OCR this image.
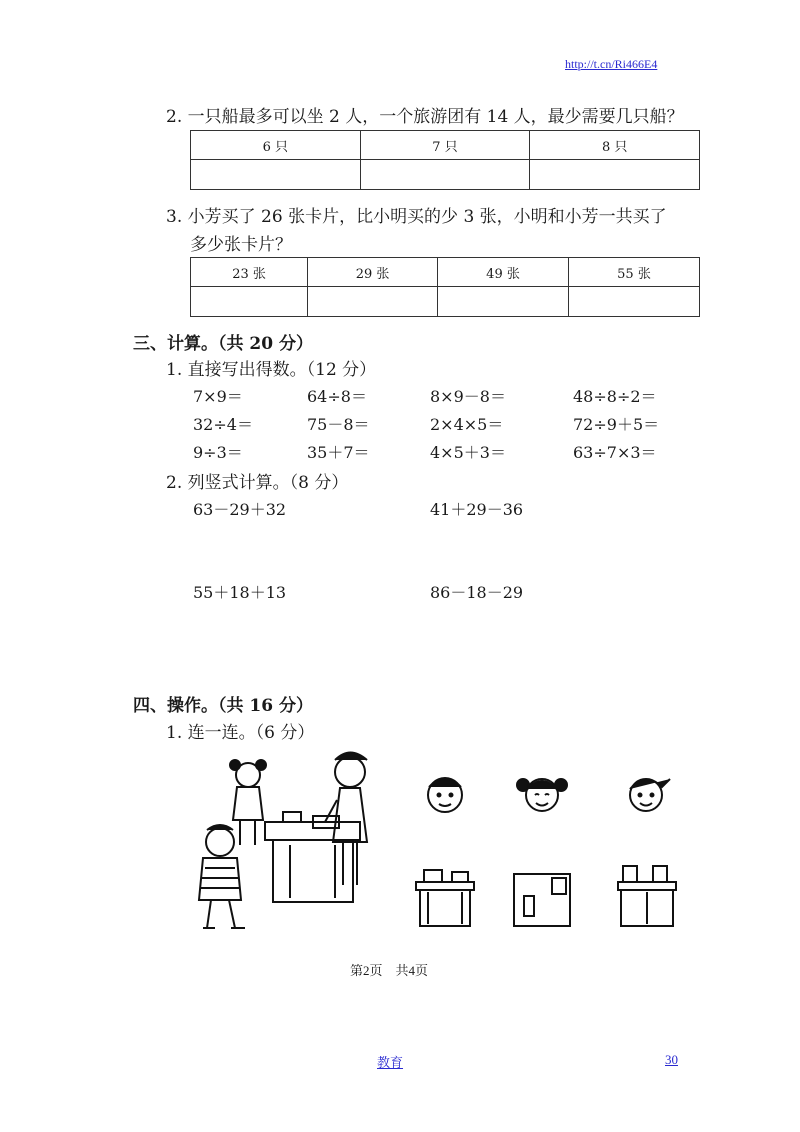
http://t.cn/Ri466E4
2. 一只船最多可以坐 2 人，一个旅游团有 14 人，最少需要几只船？
6 只	7 只	8 只

3. 小芳买了 26 张卡片，比小明买的少 3 张，小明和小芳一共买了
多少张卡片？
23 张	29 张	49 张	55 张

三、计算。（共 20 分）
1. 直接写出得数。（12 分）
7×9＝	64÷8＝	8×9－8＝	48÷8÷2＝
32÷4＝	75－8＝	2×4×5＝	72÷9＋5＝
9÷3＝	35＋7＝	4×5＋3＝	63÷7×3＝
2. 列竖式计算。（8 分）
63－29＋32	41＋29－36
55＋18＋13	86－18－29
四、操作。（共 16 分）
1. 连一连。（6 分）
第2页　共4页
教育	30
